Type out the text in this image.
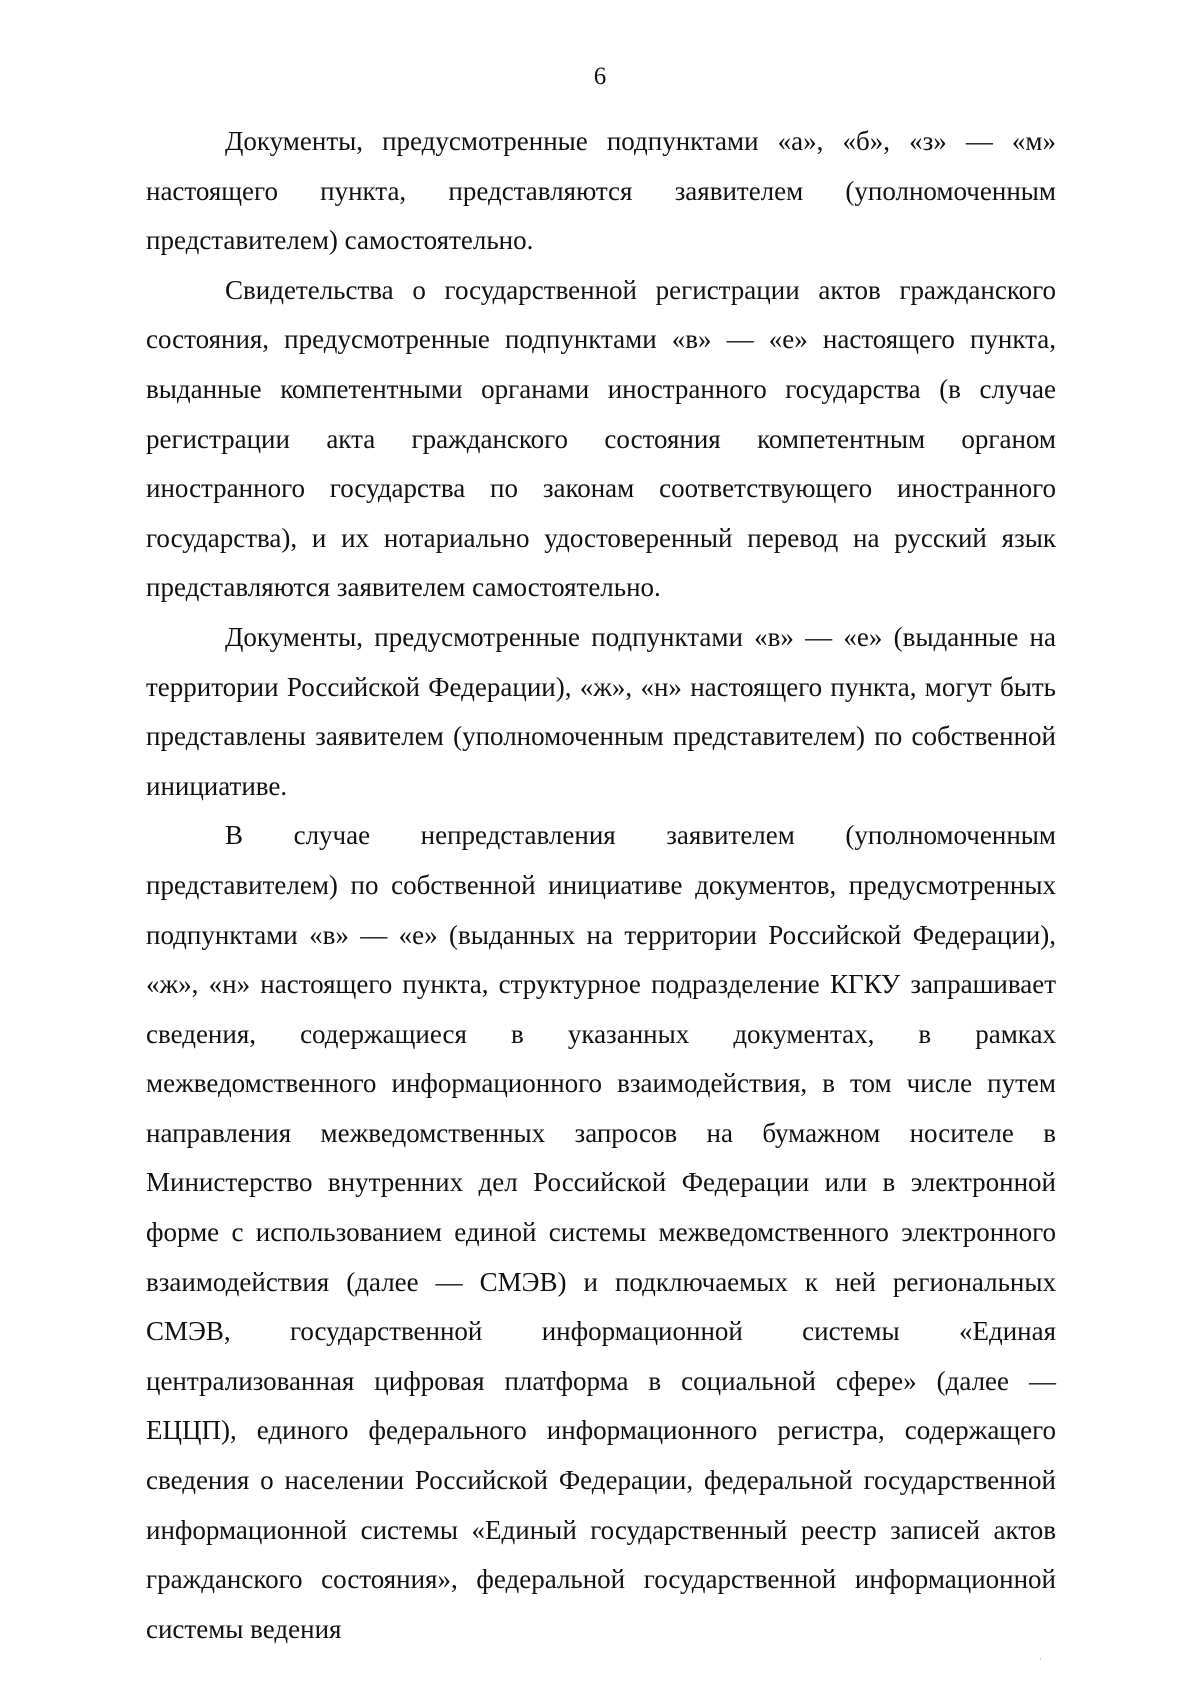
6

Документы, предусмотренные подпунктами «а», «б», «з» — «м» настоящего пункта, представляются заявителем (уполномоченным представителем) самостоятельно.

Свидетельства о государственной регистрации актов гражданского состояния, предусмотренные подпунктами «в» — «е» настоящего пункта, выданные компетентными органами иностранного государства (в случае регистрации акта гражданского состояния компетентным органом иностранного государства по законам соответствующего иностранного государства), и их нотариально удостоверенный перевод на русский язык представляются заявителем самостоятельно.

Документы, предусмотренные подпунктами «в» — «е» (выданные на территории Российской Федерации), «ж», «н» настоящего пункта, могут быть представлены заявителем (уполномоченным представителем) по собственной инициативе.

В случае непредставления заявителем (уполномоченным представителем) по собственной инициативе документов, предусмотренных подпунктами «в» — «е» (выданных на территории Российской Федерации), «ж», «н» настоящего пункта, структурное подразделение КГКУ запрашивает сведения, содержащиеся в указанных документах, в рамках межведомственного информационного взаимодействия, в том числе путем направления межведомственных запросов на бумажном носителе в Министерство внутренних дел Российской Федерации или в электронной форме с использованием единой системы межведомственного электронного взаимодействия (далее — СМЭВ) и подключаемых к ней региональных СМЭВ, государственной информационной системы «Единая централизованная цифровая платформа в социальной сфере» (далее — ЕЦЦП), единого федерального информационного регистра, содержащего сведения о населении Российской Федерации, федеральной государственной информационной системы «Единый государственный реестр записей актов гражданского состояния», федеральной государственной информационной системы ведения
